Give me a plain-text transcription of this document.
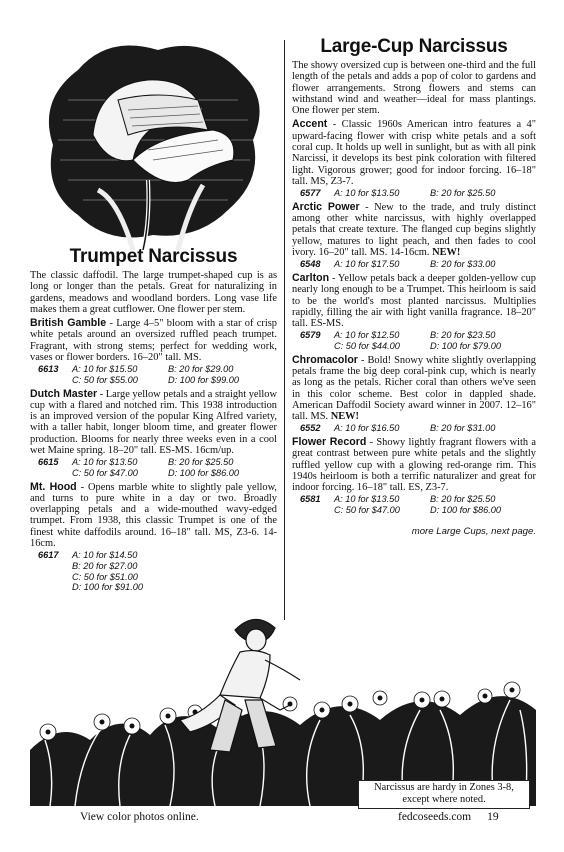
Trumpet Narcissus

The classic daffodil. The large trumpet-shaped cup is as long or longer than the petals. Great for naturalizing in gardens, meadows and woodland borders. Long vase life makes them a great cutflower. One flower per stem.

British Gamble - Large 4–5" bloom with a star of crisp white petals around an oversized ruffled peach trumpet. Fragrant, with strong stems; perfect for wedding work, vases or flower borders. 16–20" tall. MS.

6613	A: 10 for $15.50	B: 20 for $29.00
C: 50 for $55.00	D: 100 for $99.00

Dutch Master - Large yellow petals and a straight yellow cup with a flared and notched rim. This 1938 introduction is an improved version of the popular King Alfred variety, with a taller habit, longer bloom time, and greater flower production. Blooms for nearly three weeks even in a cool wet Maine spring. 18–20" tall. ES-MS. 16cm/up.

6615	A: 10 for $13.50	B: 20 for $25.50
C: 50 for $47.00	D: 100 for $86.00

Mt. Hood - Opens marble white to slightly pale yellow, and turns to pure white in a day or two. Broadly overlapping petals and a wide-mouthed wavy-edged trumpet. From 1938, this classic Trumpet is one of the finest white daffodils around. 16–18" tall. MS, Z3-6. 14-16cm.

6617	A: 10 for $14.50
B: 20 for $27.00
C: 50 for $51.00
D: 100 for $91.00
Large-Cup Narcissus

The showy oversized cup is between one-third and the full length of the petals and adds a pop of color to gardens and flower arrangements. Strong flowers and stems can withstand wind and weather—ideal for mass plantings. One flower per stem.

Accent - Classic 1960s American intro features a 4" upward-facing flower with crisp white petals and a soft coral cup. It holds up well in sunlight, but as with all pink Narcissi, it develops its best pink coloration with filtered light. Vigorous grower; good for indoor forcing. 16–18" tall. MS, Z3-7.

6577	A: 10 for $13.50	B: 20 for $25.50

Arctic Power - New to the trade, and truly distinct among other white narcissus, with highly overlapped petals that create texture. The flanged cup begins slightly yellow, matures to light peach, and then fades to cool ivory. 16–20" tall. MS. 14-16cm. NEW!

6548	A: 10 for $17.50	B: 20 for $33.00

Carlton - Yellow petals back a deeper golden-yellow cup nearly long enough to be a Trumpet. This heirloom is said to be the world's most planted narcissus. Multiplies rapidly, filling the air with light vanilla fragrance. 18–20" tall. ES-MS.

6579	A: 10 for $12.50	B: 20 for $23.50
C: 50 for $44.00	D: 100 for $79.00

Chromacolor - Bold! Snowy white slightly overlapping petals frame the big deep coral-pink cup, which is nearly as long as the petals. Richer coral than others we've seen in this color scheme. Best color in dappled shade. American Daffodil Society award winner in 2007. 12–16" tall. MS. NEW!

6552	A: 10 for $16.50	B: 20 for $31.00

Flower Record - Showy lightly fragrant flowers with a great contrast between pure white petals and the slightly ruffled yellow cup with a glowing red-orange rim. This 1940s heirloom is both a terrific naturalizer and great for indoor forcing. 16–18" tall. ES, Z3-7.

6581	A: 10 for $13.50	B: 20 for $25.50
C: 50 for $47.00	D: 100 for $86.00
more Large Cups, next page.
Narcissus are hardy in Zones 3-8,
except where noted.
View color photos online.	fedcoseeds.com 19
